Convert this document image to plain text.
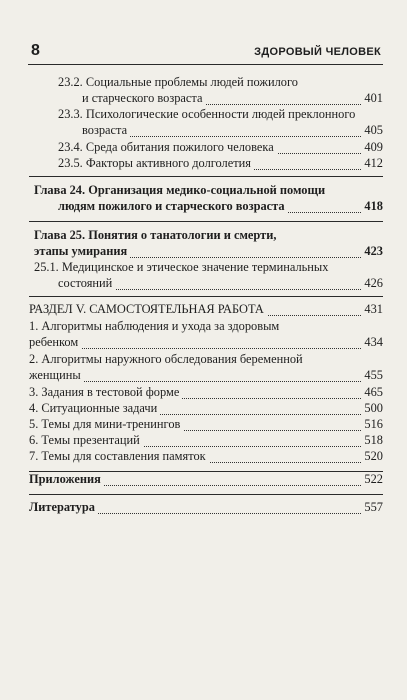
8	ЗДОРОВЫЙ ЧЕЛОВЕК
23.2. Социальные проблемы людей пожилого
и старческого возраста	401
23.3. Психологические особенности людей преклонного
возраста	405
23.4. Среда обитания пожилого человека	409
23.5. Факторы активного долголетия	412
Глава 24. Организация медико-социальной помощи
людям пожилого и старческого возраста	418
Глава 25. Понятия о танатологии и смерти,
этапы умирания	423
25.1. Медицинское и этическое значение терминальных
состояний	426
РАЗДЕЛ V. САМОСТОЯТЕЛЬНАЯ РАБОТА	431
1. Алгоритмы наблюдения и ухода за здоровым
ребенком	434
2. Алгоритмы наружного обследования беременной
женщины	455
3. Задания в тестовой форме	465
4. Ситуационные задачи	500
5. Темы для мини-тренингов	516
6. Темы презентаций	518
7. Темы для составления памяток	520
Приложения	522
Литература	557
